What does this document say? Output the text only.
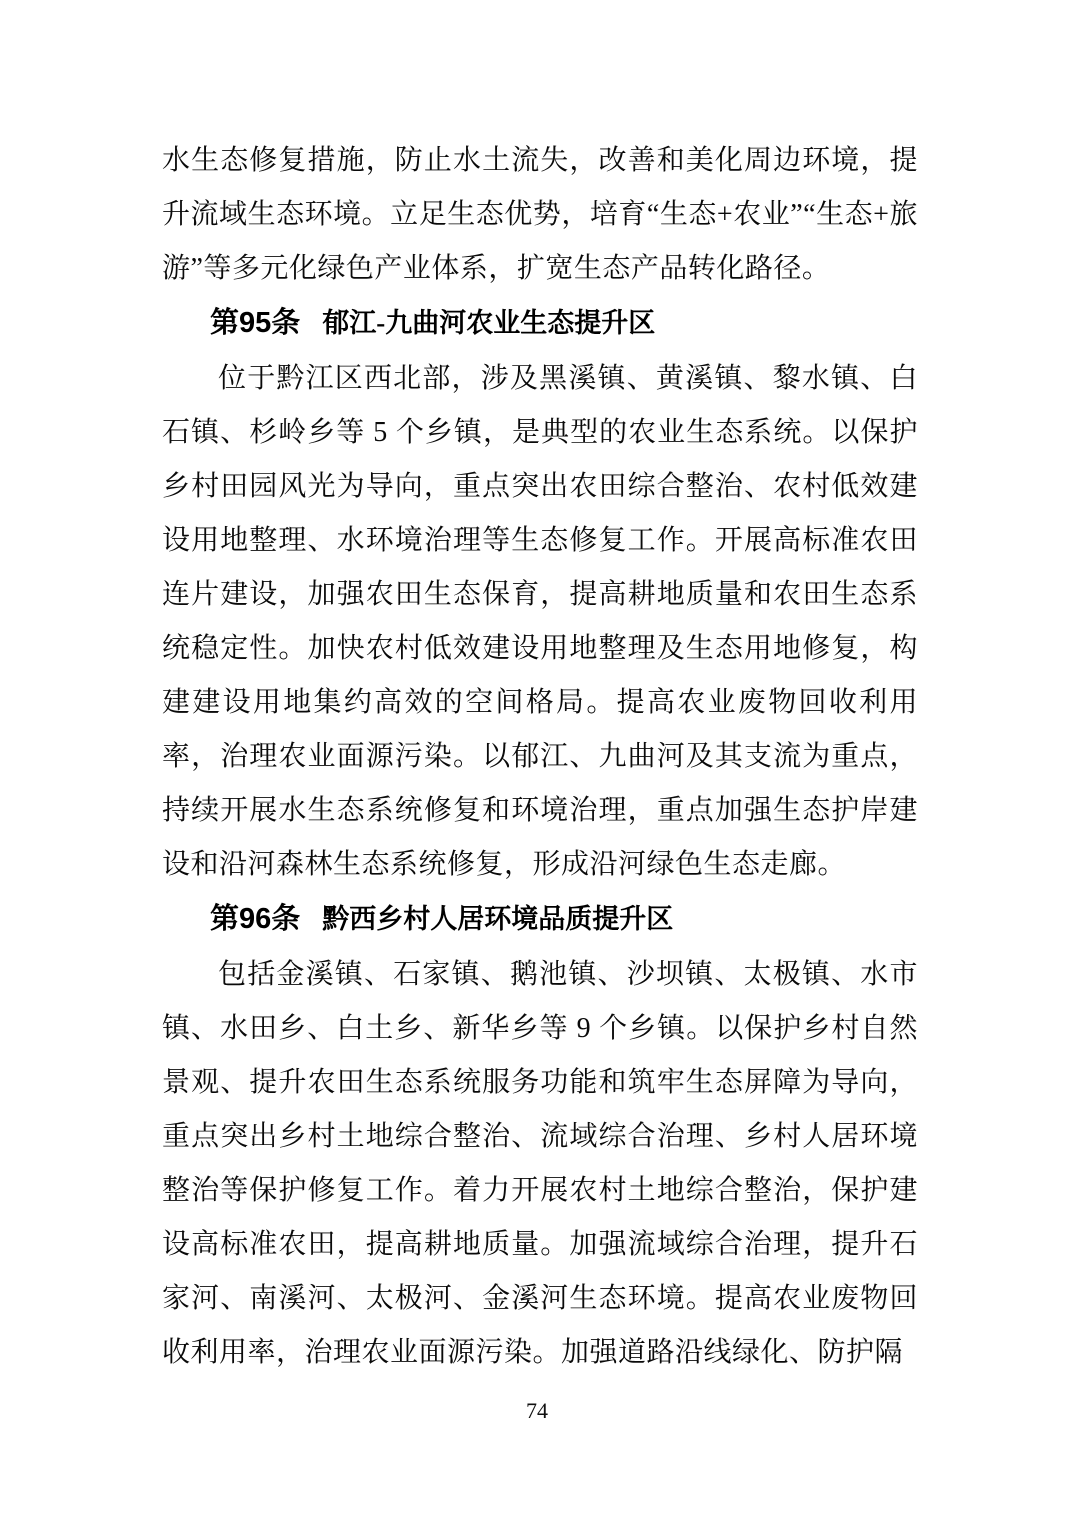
水生态修复措施，防止水土流失，改善和美化周边环境，提升流域生态环境。立足生态优势，培育“生态+农业”“生态+旅游”等多元化绿色产业体系，扩宽生态产品转化路径。

第95条 郁江-九曲河农业生态提升区

位于黔江区西北部，涉及黑溪镇、黄溪镇、黎水镇、白石镇、杉岭乡等 5 个乡镇，是典型的农业生态系统。以保护乡村田园风光为导向，重点突出农田综合整治、农村低效建设用地整理、水环境治理等生态修复工作。开展高标准农田连片建设，加强农田生态保育，提高耕地质量和农田生态系统稳定性。加快农村低效建设用地整理及生态用地修复，构建建设用地集约高效的空间格局。提高农业废物回收利用率，治理农业面源污染。以郁江、九曲河及其支流为重点，持续开展水生态系统修复和环境治理，重点加强生态护岸建设和沿河森林生态系统修复，形成沿河绿色生态走廊。

第96条 黔西乡村人居环境品质提升区

包括金溪镇、石家镇、鹅池镇、沙坝镇、太极镇、水市镇、水田乡、白土乡、新华乡等 9 个乡镇。以保护乡村自然景观、提升农田生态系统服务功能和筑牢生态屏障为导向，重点突出乡村土地综合整治、流域综合治理、乡村人居环境整治等保护修复工作。着力开展农村土地综合整治，保护建设高标准农田，提高耕地质量。加强流域综合治理，提升石家河、南溪河、太极河、金溪河生态环境。提高农业废物回收利用率，治理农业面源污染。加强道路沿线绿化、防护隔

74
